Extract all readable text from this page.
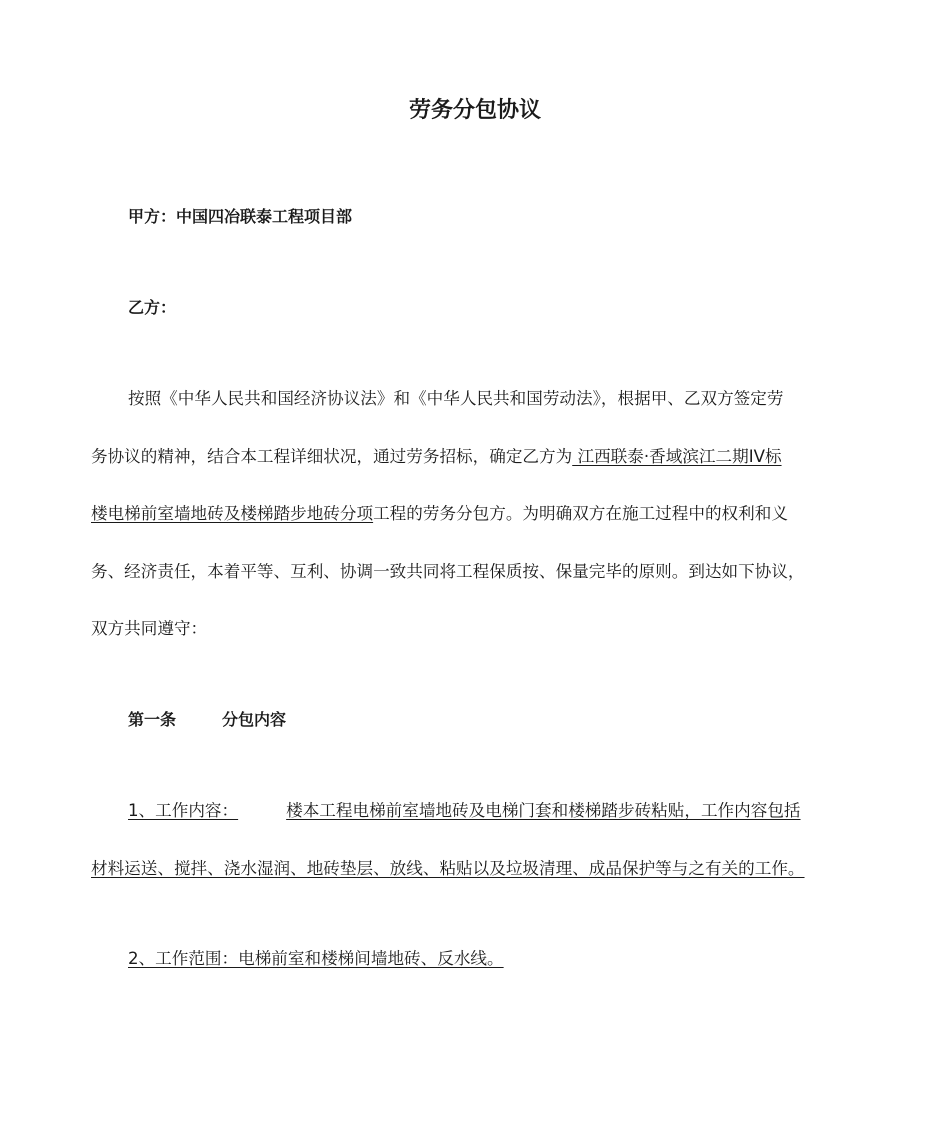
劳务分包协议
甲方：中国四冶联泰工程项目部
乙方：
按照《中华人民共和国经济协议法》和《中华人民共和国劳动法》，根据甲、乙双方签定劳
务协议的精神，结合本工程详细状况，通过劳务招标，确定乙方为 江西联泰·香域滨江二期IV标
楼电梯前室墙地砖及楼梯踏步地砖分项工程的劳务分包方。为明确双方在施工过程中的权利和义
务、经济责任，本着平等、互利、协调一致共同将工程保质按、保量完毕的原则。到达如下协议，
双方共同遵守：
第一条	分包内容
1、工作内容：	楼本工程电梯前室墙地砖及电梯门套和楼梯踏步砖粘贴，工作内容包括
材料运送、搅拌、浇水湿润、地砖垫层、放线、粘贴以及垃圾清理、成品保护等与之有关的工作。
2、工作范围：电梯前室和楼梯间墙地砖、反水线。
